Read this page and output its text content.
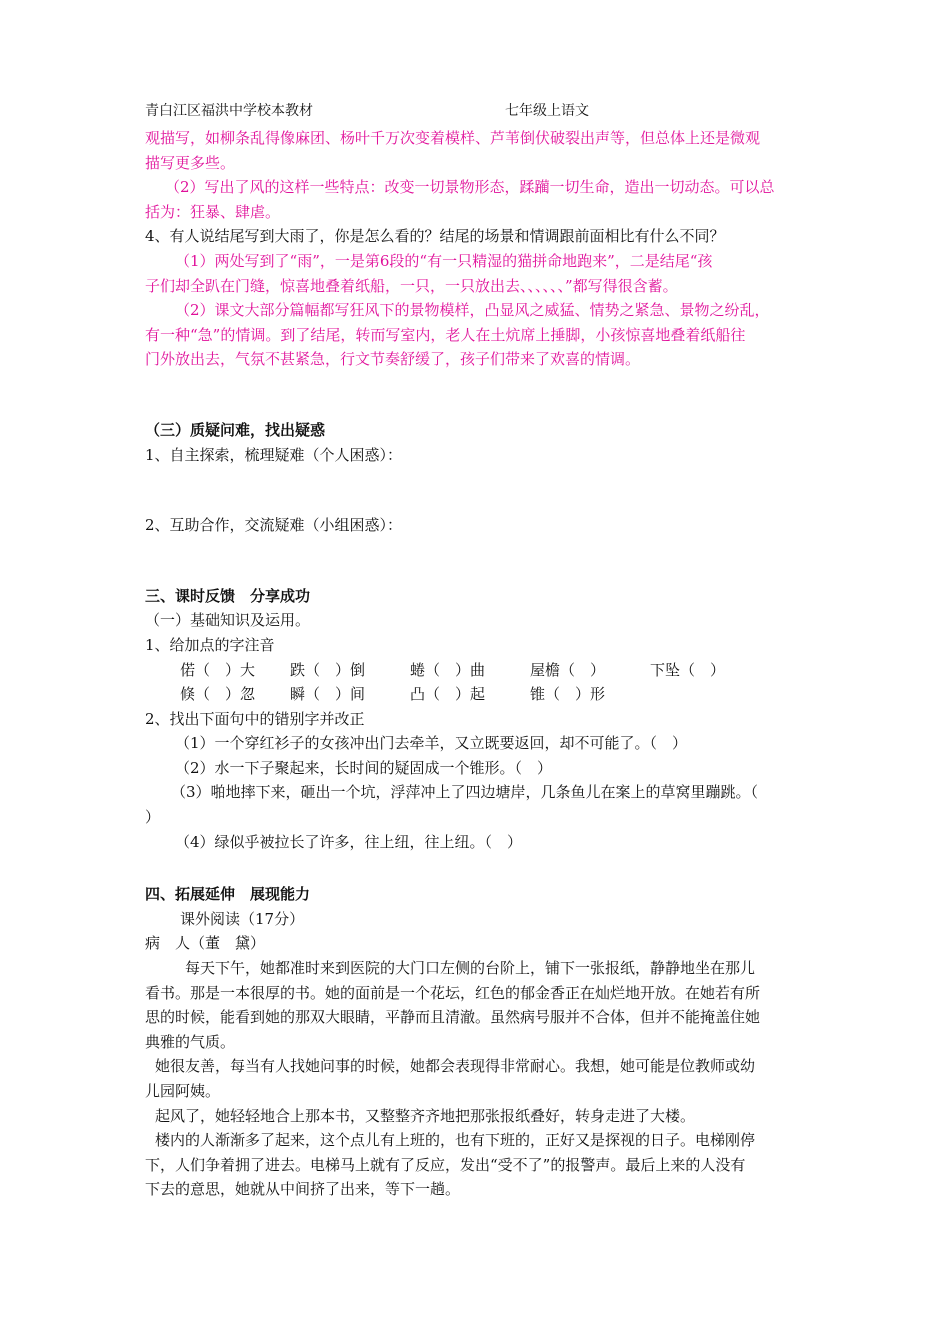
青白江区福洪中学校本教材	七年级上语文
观描写，如柳条乱得像麻团、杨叶千万次变着模样、芦苇倒伏破裂出声等，但总体上还是微观
描写更多些。
（2）写出了风的这样一些特点：改变一切景物形态，蹂躏一切生命，造出一切动态。可以总
括为：狂暴、肆虐。
4、有人说结尾写到大雨了，你是怎么看的？结尾的场景和情调跟前面相比有什么不同？
（1）两处写到了“雨”，一是第6段的“有一只精湿的猫拼命地跑来”，二是结尾“孩
子们却全趴在门缝，惊喜地叠着纸船，一只，一只放出去、、、、、、”都写得很含蓄。
（2）课文大部分篇幅都写狂风下的景物模样，凸显风之威猛、情势之紧急、景物之纷乱，
有一种“急”的情调。到了结尾，转而写室内，老人在土炕席上捶脚，小孩惊喜地叠着纸船往
门外放出去，气氛不甚紧急，行文节奏舒缓了，孩子们带来了欢喜的情调。
（三）质疑问难，找出疑惑
1、自主探索，梳理疑难（个人困惑）：
2、互助合作，交流疑难（小组困惑）：
三、课时反馈　分享成功
（一）基础知识及运用。
1、给加点的字注音
偌（　）大 跌（　）倒	蜷（　）曲	屋檐（　）	下坠（　）
倏（　）忽 瞬（　）间	凸（　）起	锥（　）形
2、找出下面句中的错别字并改正
（1）一个穿红衫子的女孩冲出门去牵羊，又立既要返回，却不可能了。（　）
（2）水一下子聚起来，长时间的疑固成一个锥形。（　）
（3）啪地摔下来，砸出一个坑，浮萍冲上了四边塘岸，几条鱼儿在案上的草窝里蹦跳。（
）
（4）绿似乎被拉长了许多，往上纽，往上纽。（　）
四、拓展延伸　展现能力
课外阅读（17分）
病　人（董　黛）
每天下午，她都准时来到医院的大门口左侧的台阶上，铺下一张报纸，静静地坐在那儿
看书。那是一本很厚的书。她的面前是一个花坛，红色的郁金香正在灿烂地开放。在她若有所
思的时候，能看到她的那双大眼睛，平静而且清澈。虽然病号服并不合体，但并不能掩盖住她
典雅的气质。
她很友善，每当有人找她问事的时候，她都会表现得非常耐心。我想，她可能是位教师或幼
儿园阿姨。
起风了，她轻轻地合上那本书，又整整齐齐地把那张报纸叠好，转身走进了大楼。
楼内的人渐渐多了起来，这个点儿有上班的，也有下班的，正好又是探视的日子。电梯刚停
下，人们争着拥了进去。电梯马上就有了反应，发出“受不了”的报警声。最后上来的人没有
下去的意思，她就从中间挤了出来，等下一趟。
